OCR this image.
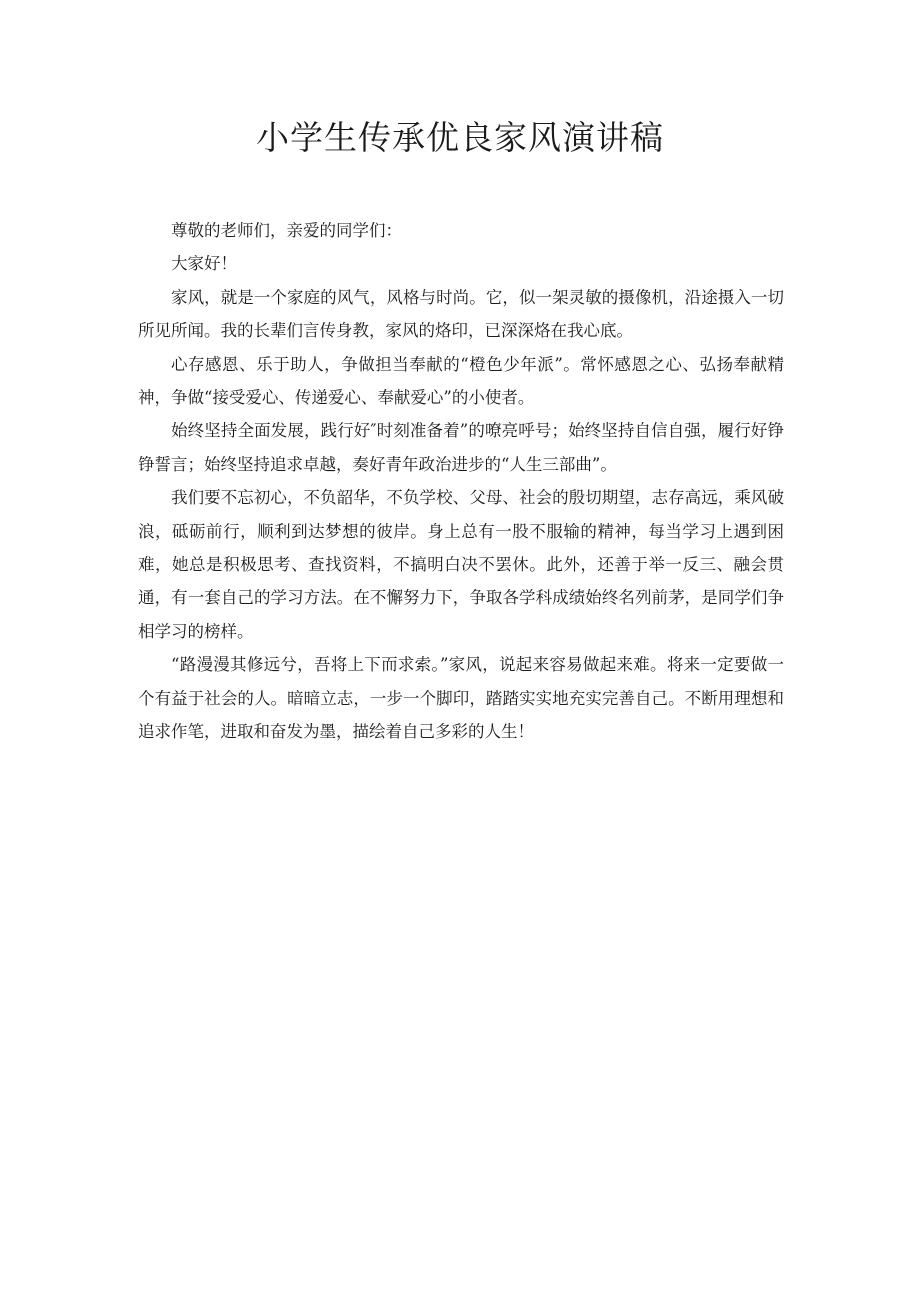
小学生传承优良家风演讲稿

尊敬的老师们，亲爱的同学们：

大家好！

家风，就是一个家庭的风气，风格与时尚。它，似一架灵敏的摄像机，沿途摄入一切所见所闻。我的长辈们言传身教，家风的烙印，已深深烙在我心底。

心存感恩、乐于助人，争做担当奉献的“橙色少年派”。常怀感恩之心、弘扬奉献精神，争做“接受爱心、传递爱心、奉献爱心”的小使者。

始终坚持全面发展，践行好″时刻准备着”的嘹亮呼号；始终坚持自信自强，履行好铮铮誓言；始终坚持追求卓越，奏好青年政治进步的“人生三部曲”。

我们要不忘初心，不负韶华，不负学校、父母、社会的殷切期望，志存高远，乘风破浪，砥砺前行，顺利到达梦想的彼岸。身上总有一股不服输的精神，每当学习上遇到困难，她总是积极思考、查找资料，不搞明白决不罢休。此外，还善于举一反三、融会贯通，有一套自己的学习方法。在不懈努力下，争取各学科成绩始终名列前茅，是同学们争相学习的榜样。

“路漫漫其修远兮，吾将上下而求索。”家风，说起来容易做起来难。将来一定要做一个有益于社会的人。暗暗立志，一步一个脚印，踏踏实实地充实完善自己。不断用理想和追求作笔，进取和奋发为墨，描绘着自己多彩的人生！
